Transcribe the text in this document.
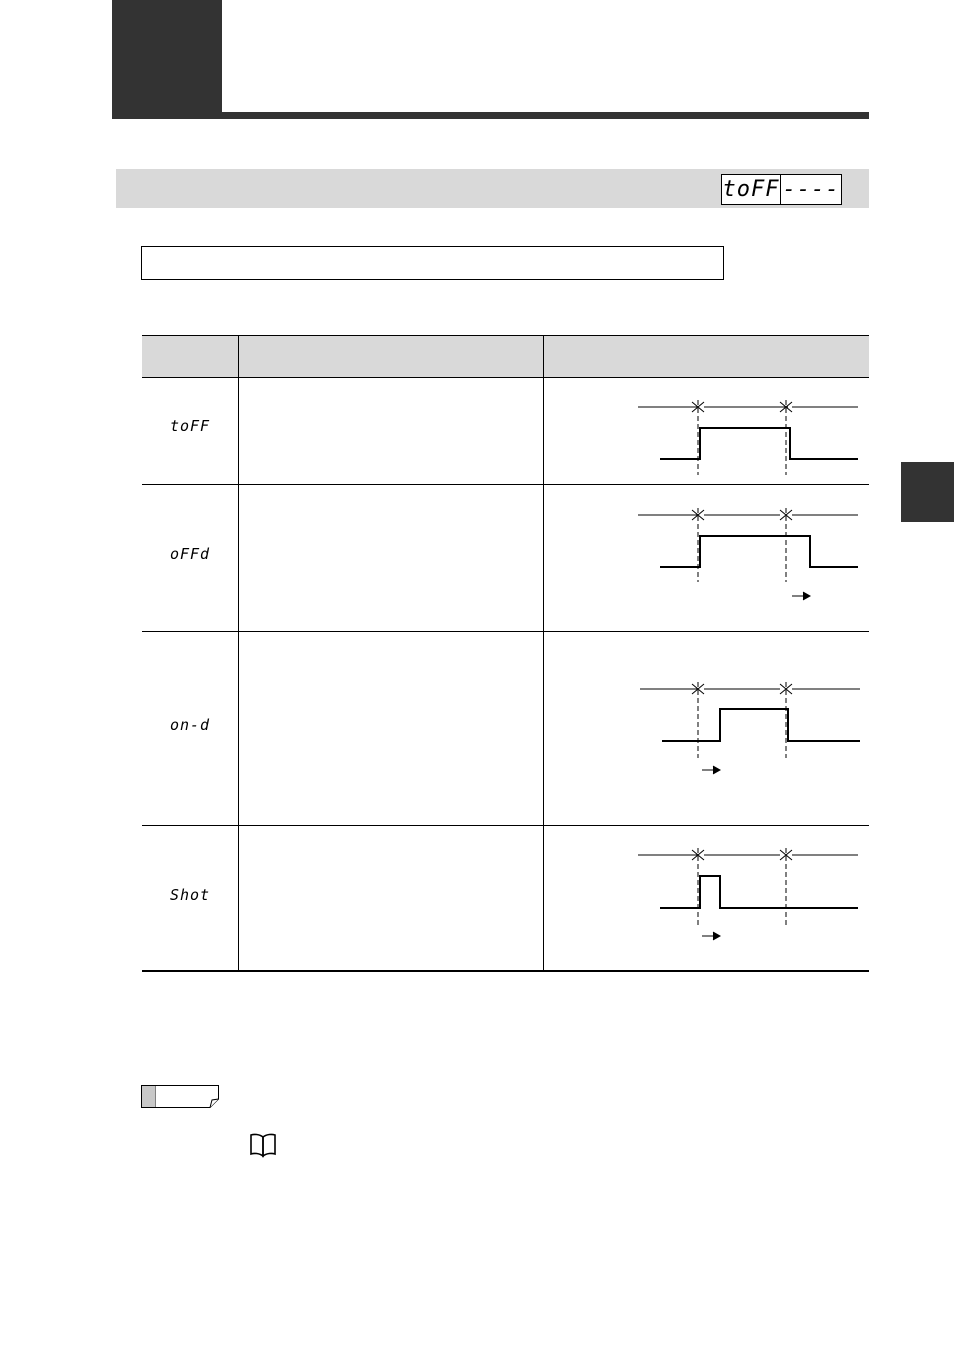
toFF ----
toFF
oFFd
on-d
Shot
